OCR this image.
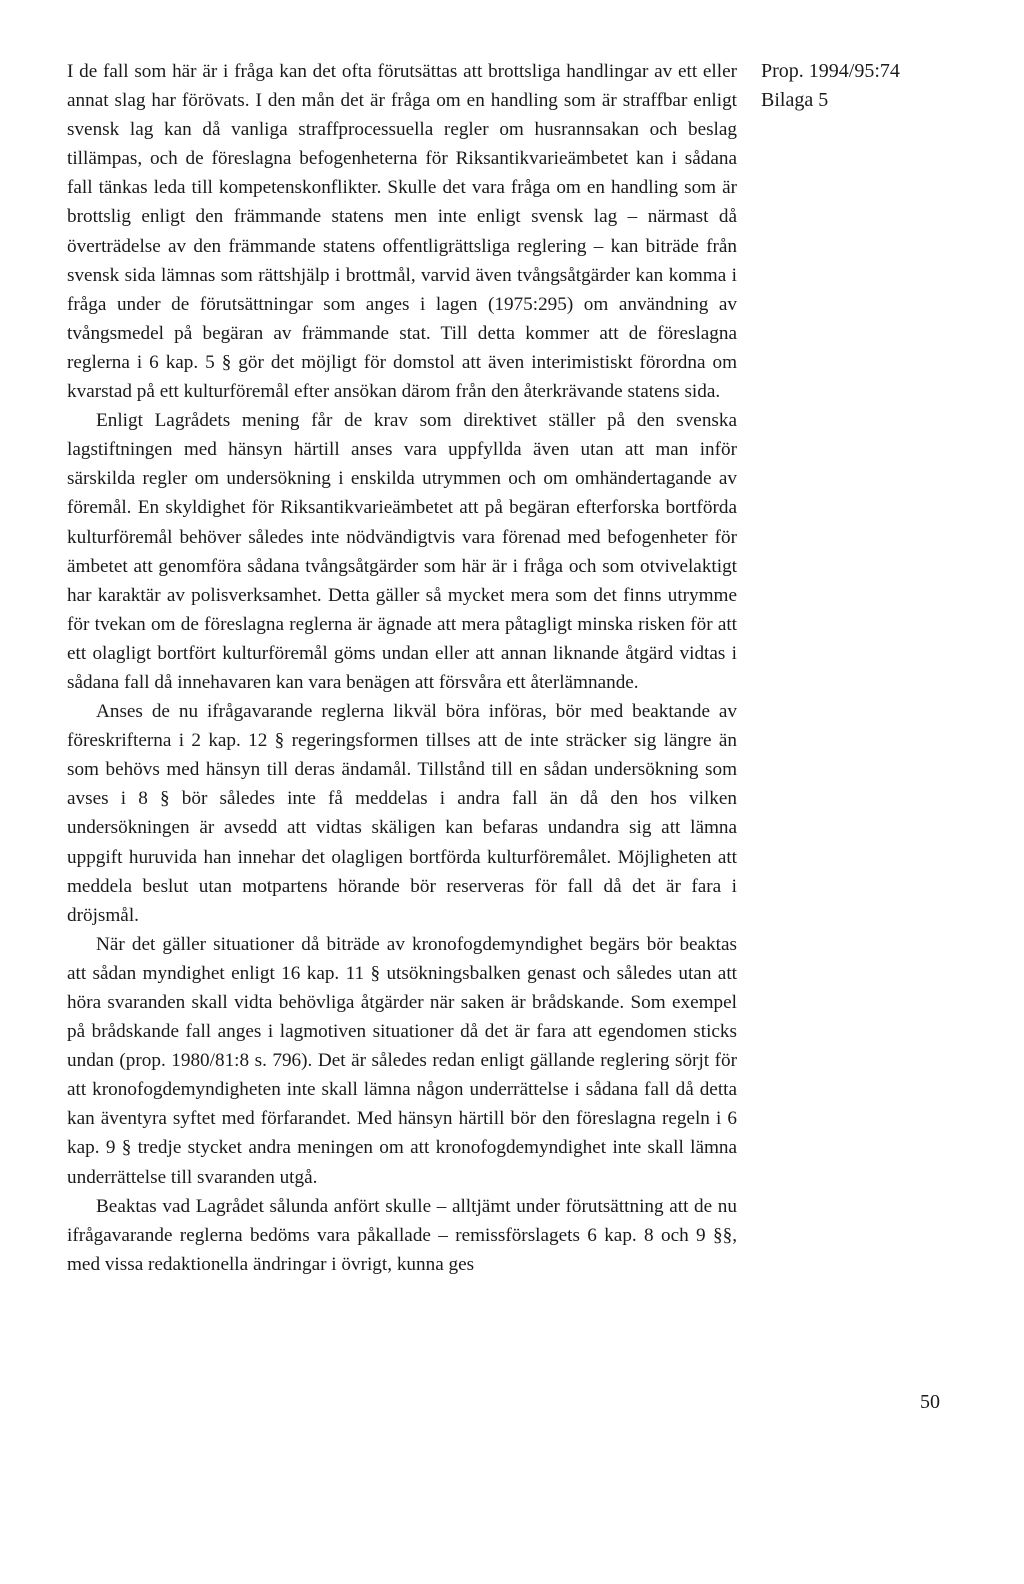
Prop. 1994/95:74
Bilaga 5

I de fall som här är i fråga kan det ofta förutsättas att brottsliga handlingar av ett eller annat slag har förövats. I den mån det är fråga om en handling som är straffbar enligt svensk lag kan då vanliga straffprocessuella regler om husrannsakan och beslag tillämpas, och de föreslagna befogenheterna för Riksantikvarieämbetet kan i sådana fall tänkas leda till kompetenskonflikter. Skulle det vara fråga om en handling som är brottslig enligt den främmande statens men inte enligt svensk lag – närmast då överträdelse av den främmande statens offentligrättsliga reglering – kan biträde från svensk sida lämnas som rättshjälp i brottmål, varvid även tvångsåtgärder kan komma i fråga under de förutsättningar som anges i lagen (1975:295) om användning av tvångsmedel på begäran av främmande stat. Till detta kommer att de föreslagna reglerna i 6 kap. 5 § gör det möjligt för domstol att även interimistiskt förordna om kvarstad på ett kulturföremål efter ansökan därom från den återkrävande statens sida.

Enligt Lagrådets mening får de krav som direktivet ställer på den svenska lagstiftningen med hänsyn härtill anses vara uppfyllda även utan att man inför särskilda regler om undersökning i enskilda utrymmen och om omhändertagande av föremål. En skyldighet för Riksantikvarieämbetet att på begäran efterforska bortförda kulturföremål behöver således inte nödvändigtvis vara förenad med befogenheter för ämbetet att genomföra sådana tvångsåtgärder som här är i fråga och som otvivelaktigt har karaktär av polisverksamhet. Detta gäller så mycket mera som det finns utrymme för tvekan om de föreslagna reglerna är ägnade att mera påtagligt minska risken för att ett olagligt bortfört kulturföremål göms undan eller att annan liknande åtgärd vidtas i sådana fall då innehavaren kan vara benägen att försvåra ett återlämnande.

Anses de nu ifrågavarande reglerna likväl böra införas, bör med beaktande av föreskrifterna i 2 kap. 12 § regeringsformen tillses att de inte sträcker sig längre än som behövs med hänsyn till deras ändamål. Tillstånd till en sådan undersökning som avses i 8 § bör således inte få meddelas i andra fall än då den hos vilken undersökningen är avsedd att vidtas skäligen kan befaras undandra sig att lämna uppgift huruvida han innehar det olagligen bortförda kulturföremålet. Möjligheten att meddela beslut utan motpartens hörande bör reserveras för fall då det är fara i dröjsmål.

När det gäller situationer då biträde av kronofogdemyndighet begärs bör beaktas att sådan myndighet enligt 16 kap. 11 § utsökningsbalken genast och således utan att höra svaranden skall vidta behövliga åtgärder när saken är brådskande. Som exempel på brådskande fall anges i lagmotiven situationer då det är fara att egendomen sticks undan (prop. 1980/81:8 s. 796). Det är således redan enligt gällande reglering sörjt för att kronofogdemyndigheten inte skall lämna någon underrättelse i sådana fall då detta kan äventyra syftet med förfarandet. Med hänsyn härtill bör den föreslagna regeln i 6 kap. 9 § tredje stycket andra meningen om att kronofogdemyndighet inte skall lämna underrättelse till svaranden utgå.

Beaktas vad Lagrådet sålunda anfört skulle – alltjämt under förutsättning att de nu ifrågavarande reglerna bedöms vara påkallade – remissförslagets 6 kap. 8 och 9 §§, med vissa redaktionella ändringar i övrigt, kunna ges

50
